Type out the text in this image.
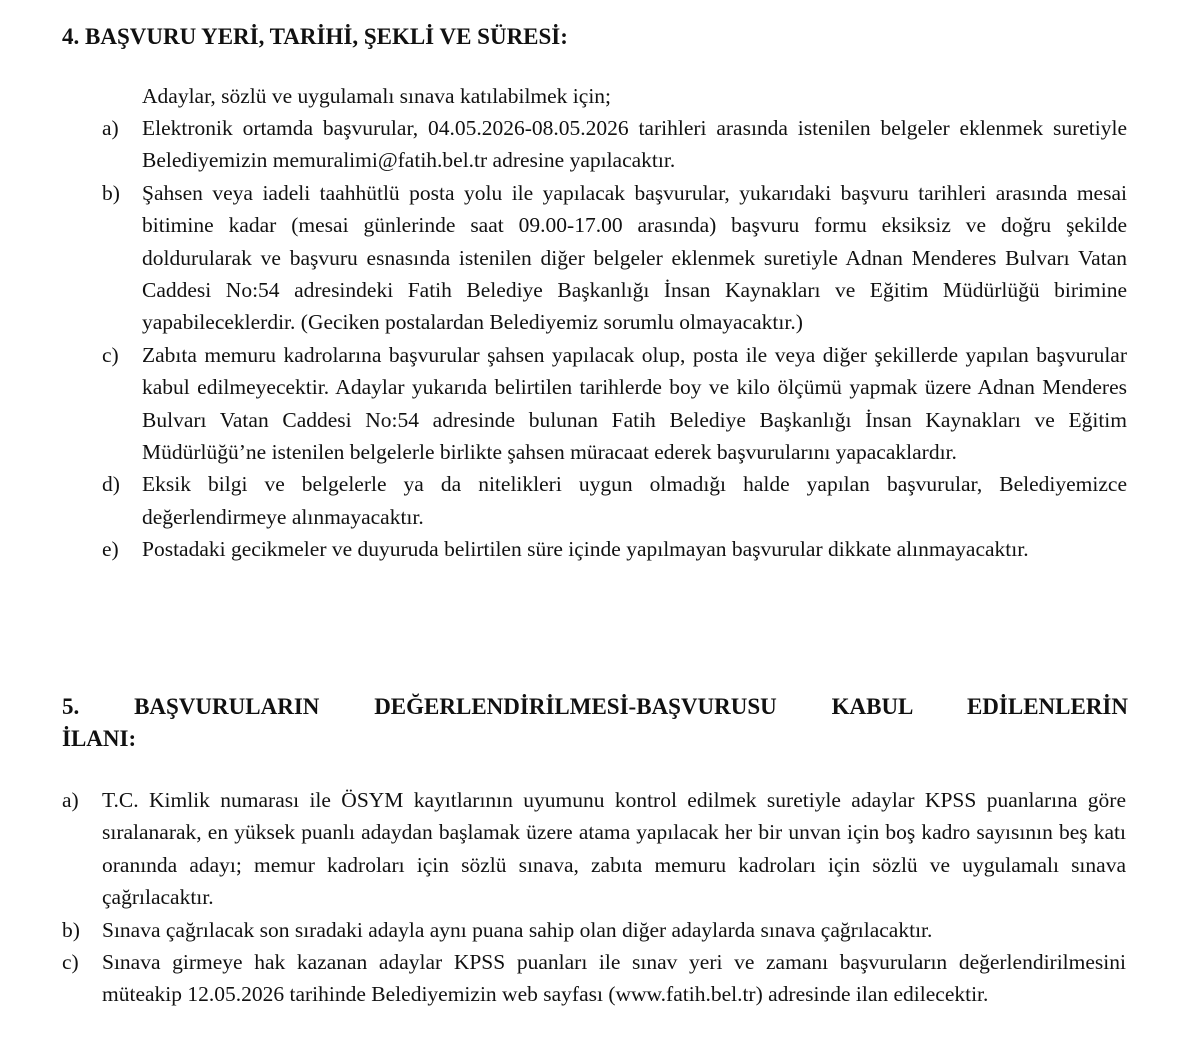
4. BAŞVURU YERİ, TARİHİ, ŞEKLİ VE SÜRESİ:

Adaylar, sözlü ve uygulamalı sınava katılabilmek için;

a) Elektronik ortamda başvurular, 04.05.2026-08.05.2026 tarihleri arasında istenilen belgeler eklenmek suretiyle Belediyemizin memuralimi@fatih.bel.tr adresine yapılacaktır.
b) Şahsen veya iadeli taahhütlü posta yolu ile yapılacak başvurular, yukarıdaki başvuru tarihleri arasında mesai bitimine kadar (mesai günlerinde saat 09.00-17.00 arasında) başvuru formu eksiksiz ve doğru şekilde doldurularak ve başvuru esnasında istenilen diğer belgeler eklenmek suretiyle Adnan Menderes Bulvarı Vatan Caddesi No:54 adresindeki Fatih Belediye Başkanlığı İnsan Kaynakları ve Eğitim Müdürlüğü birimine yapabileceklerdir. (Geciken postalardan Belediyemiz sorumlu olmayacaktır.)
c) Zabıta memuru kadrolarına başvurular şahsen yapılacak olup, posta ile veya diğer şekillerde yapılan başvurular kabul edilmeyecektir. Adaylar yukarıda belirtilen tarihlerde boy ve kilo ölçümü yapmak üzere Adnan Menderes Bulvarı Vatan Caddesi No:54 adresinde bulunan Fatih Belediye Başkanlığı İnsan Kaynakları ve Eğitim Müdürlüğü’ne istenilen belgelerle birlikte şahsen müracaat ederek başvurularını yapacaklardır.
d) Eksik bilgi ve belgelerle ya da nitelikleri uygun olmadığı halde yapılan başvurular, Belediyemizce değerlendirmeye alınmayacaktır.
e) Postadaki gecikmeler ve duyuruda belirtilen süre içinde yapılmayan başvurular dikkate alınmayacaktır.
5. BAŞVURULARIN DEĞERLENDİRİLMESİ-BAŞVURUSU KABUL EDİLENLERİN
İLANI:
a) T.C. Kimlik numarası ile ÖSYM kayıtlarının uyumunu kontrol edilmek suretiyle adaylar KPSS puanlarına göre sıralanarak, en yüksek puanlı adaydan başlamak üzere atama yapılacak her bir unvan için boş kadro sayısının beş katı oranında adayı; memur kadroları için sözlü sınava, zabıta memuru kadroları için sözlü ve uygulamalı sınava çağrılacaktır.
b) Sınava çağrılacak son sıradaki adayla aynı puana sahip olan diğer adaylarda sınava çağrılacaktır.
c) Sınava girmeye hak kazanan adaylar KPSS puanları ile sınav yeri ve zamanı başvuruların değerlendirilmesini müteakip 12.05.2026 tarihinde Belediyemizin web sayfası (www.fatih.bel.tr) adresinde ilan edilecektir.
